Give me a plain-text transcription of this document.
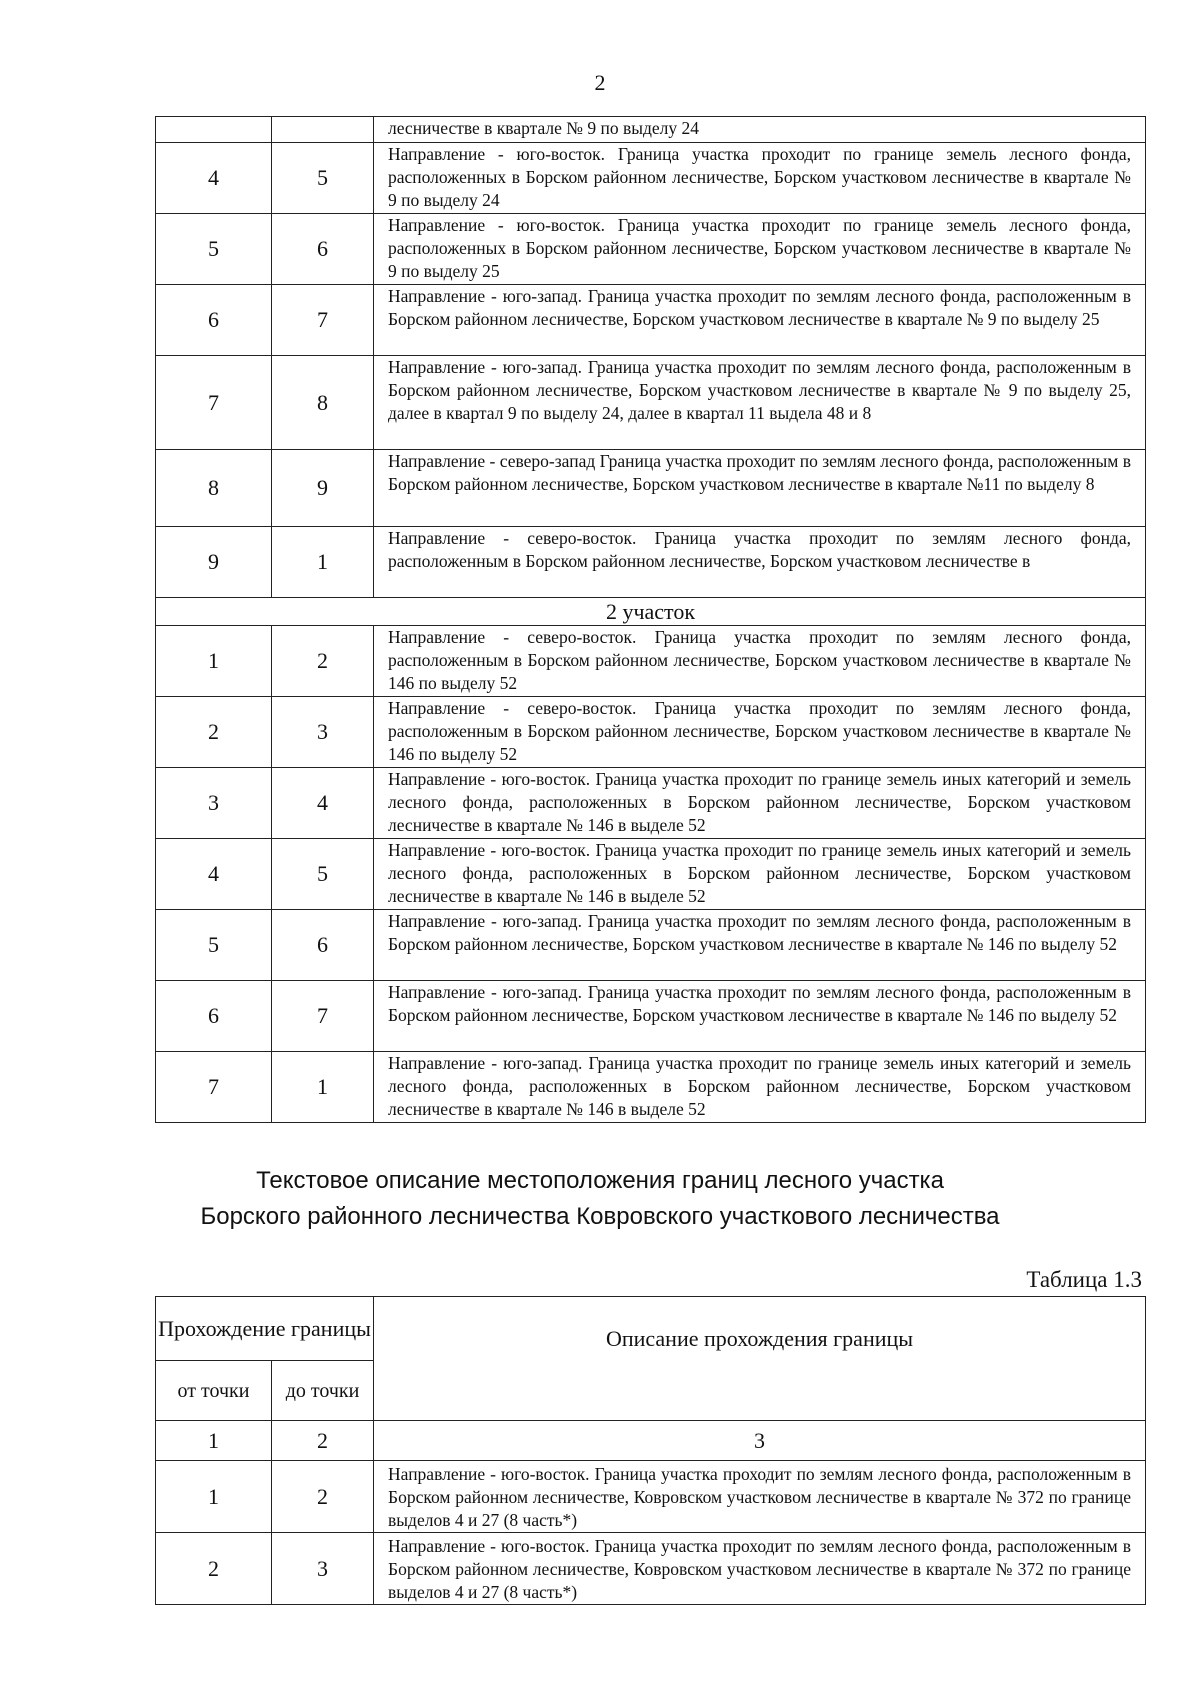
2
		лесничестве в квартале № 9 по выделу 24
4	5	Направление - юго-восток. Граница участка проходит по границе земель лесного фонда, расположенных в Борском районном лесничестве, Борском участковом лесничестве в квартале № 9 по выделу 24
5	6	Направление - юго-восток. Граница участка проходит по границе земель лесного фонда, расположенных в Борском районном лесничестве, Борском участковом лесничестве в квартале № 9 по выделу 25
6	7	Направление - юго-запад. Граница участка проходит по землям лесного фонда, расположенным в Борском районном лесничестве, Борском участковом лесничестве в квартале № 9 по выделу 25
7	8	Направление - юго-запад. Граница участка проходит по землям лесного фонда, расположенным в Борском районном лесничестве, Борском участковом лесничестве в квартале № 9 по выделу 25, далее в квартал 9 по выделу 24, далее в квартал 11 выдела 48 и 8
8	9	Направление - северо-запад Граница участка проходит по землям лесного фонда, расположенным в Борском районном лесничестве, Борском участковом лесничестве в квартале №11 по выделу 8
9	1	Направление - северо-восток. Граница участка проходит по землям лесного фонда, расположенным в Борском районном лесничестве, Борском участковом лесничестве в
2 участок		
1	2	Направление - северо-восток. Граница участка проходит по землям лесного фонда, расположенным в Борском районном лесничестве, Борском участковом лесничестве в квартале № 146 по выделу 52
2	3	Направление - северо-восток. Граница участка проходит по землям лесного фонда, расположенным в Борском районном лесничестве, Борском участковом лесничестве в квартале № 146 по выделу 52
3	4	Направление - юго-восток. Граница участка проходит по границе земель иных категорий и земель лесного фонда, расположенных в Борском районном лесничестве, Борском участковом лесничестве в квартале № 146 в выделе 52
4	5	Направление - юго-восток. Граница участка проходит по границе земель иных категорий и земель лесного фонда, расположенных в Борском районном лесничестве, Борском участковом лесничестве в квартале № 146 в выделе 52
5	6	Направление - юго-запад. Граница участка проходит по землям лесного фонда, расположенным в Борском районном лесничестве, Борском участковом лесничестве в квартале № 146 по выделу 52
6	7	Направление - юго-запад. Граница участка проходит по землям лесного фонда, расположенным в Борском районном лесничестве, Борском участковом лесничестве в квартале № 146 по выделу 52
7	1	Направление - юго-запад. Граница участка проходит по границе земель иных категорий и земель лесного фонда, расположенных в Борском районном лесничестве, Борском участковом лесничестве в квартале № 146 в выделе 52
Текстовое описание местоположения границ лесного участка
Борского районного лесничества Ковровского участкового лесничества
Таблица 1.3
Прохождение границы		Описание прохождения границы
от точки	до точки	
1	2	3
1	2	Направление - юго-восток. Граница участка проходит по землям лесного фонда, расположенным в Борском районном лесничестве, Ковровском участковом лесничестве в квартале № 372 по границе выделов 4 и 27 (8 часть*)
2	3	Направление - юго-восток. Граница участка проходит по землям лесного фонда, расположенным в Борском районном лесничестве, Ковровском участковом лесничестве в квартале № 372 по границе выделов 4 и 27 (8 часть*)
